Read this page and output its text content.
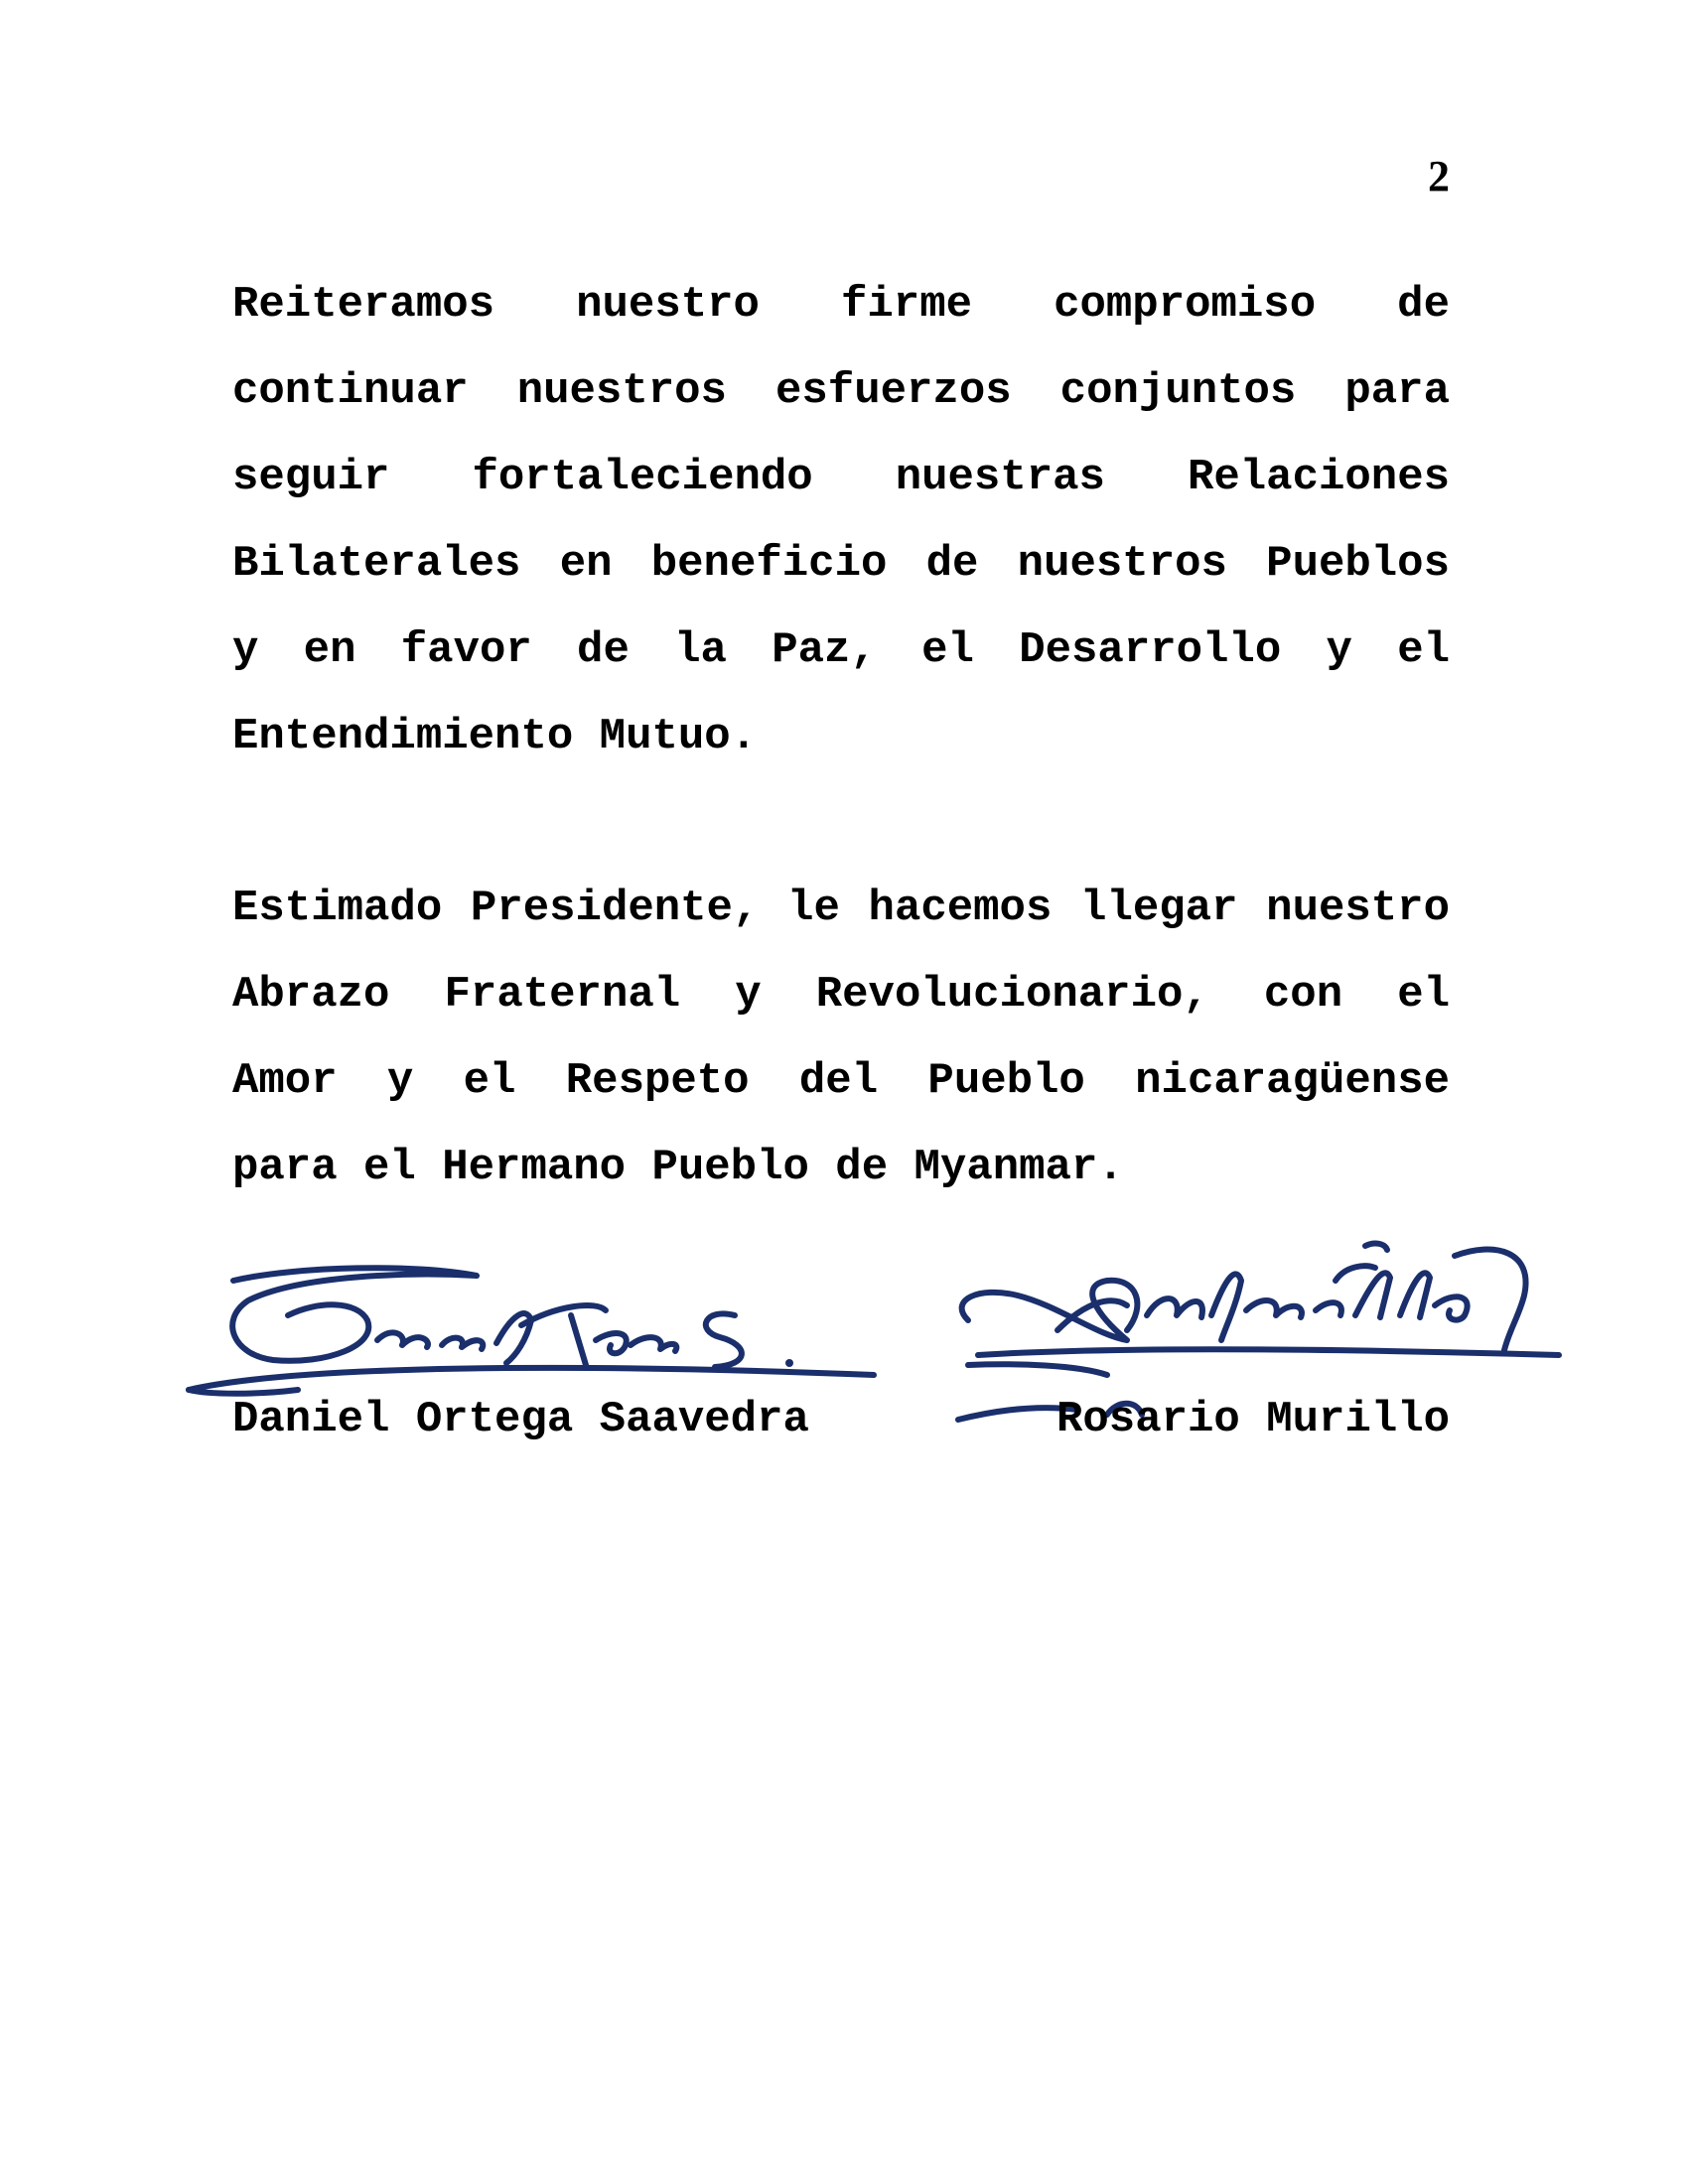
2
Reiteramos nuestro firme compromiso de
continuar nuestros esfuerzos conjuntos para
seguir fortaleciendo nuestras Relaciones
Bilaterales en beneficio de nuestros Pueblos
y en favor de la Paz, el Desarrollo y el
Entendimiento Mutuo.
Estimado Presidente, le hacemos llegar nuestro
Abrazo Fraternal y Revolucionario, con el
Amor y el Respeto del Pueblo nicaragüense
para el Hermano Pueblo de Myanmar.
Daniel Ortega Saavedra	Rosario Murillo
